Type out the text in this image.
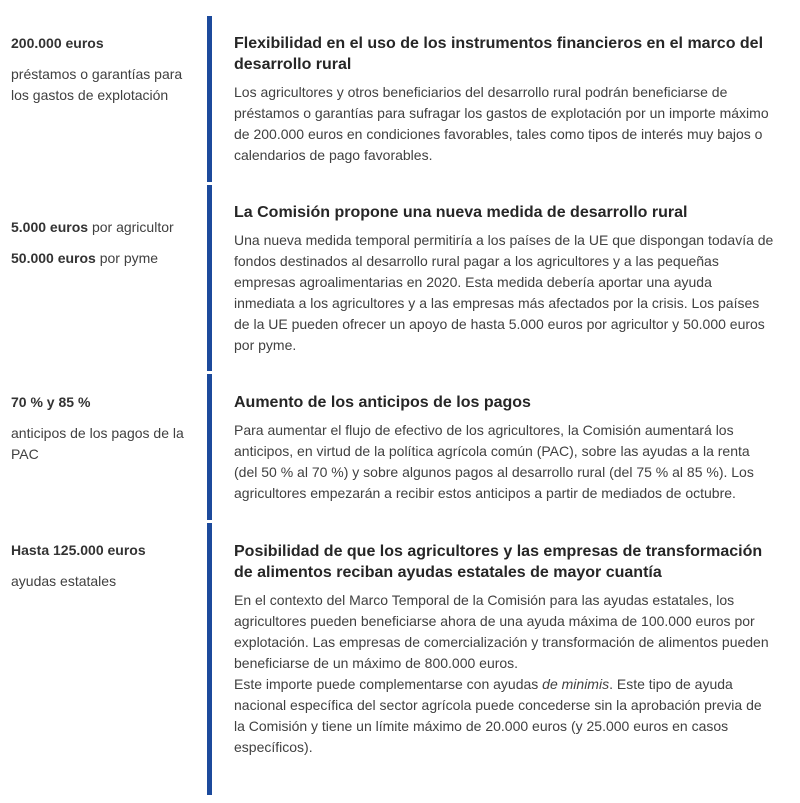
200.000 euros

préstamos o garantías para los gastos de explotación

Flexibilidad en el uso de los instrumentos financieros en el marco del desarrollo rural

Los agricultores y otros beneficiarios del desarrollo rural podrán beneficiarse de préstamos o garantías para sufragar los gastos de explotación por un importe máximo de 200.000 euros en condiciones favorables, tales como tipos de interés muy bajos o calendarios de pago favorables.

5.000 euros por agricultor

50.000 euros por pyme

La Comisión propone una nueva medida de desarrollo rural

Una nueva medida temporal permitiría a los países de la UE que dispongan todavía de fondos destinados al desarrollo rural pagar a los agricultores y a las pequeñas empresas agroalimentarias en 2020. Esta medida debería aportar una ayuda inmediata a los agricultores y a las empresas más afectados por la crisis. Los países de la UE pueden ofrecer un apoyo de hasta 5.000 euros por agricultor y 50.000 euros por pyme.

70 % y 85 %

anticipos de los pagos de la PAC

Aumento de los anticipos de los pagos

Para aumentar el flujo de efectivo de los agricultores, la Comisión aumentará los anticipos, en virtud de la política agrícola común (PAC), sobre las ayudas a la renta (del 50 % al 70 %) y sobre algunos pagos al desarrollo rural (del 75 % al 85 %). Los agricultores empezarán a recibir estos anticipos a partir de mediados de octubre.

Hasta 125.000 euros

ayudas estatales

Posibilidad de que los agricultores y las empresas de transformación de alimentos reciban ayudas estatales de mayor cuantía

En el contexto del Marco Temporal de la Comisión para las ayudas estatales, los agricultores pueden beneficiarse ahora de una ayuda máxima de 100.000 euros por explotación. Las empresas de comercialización y transformación de alimentos pueden beneficiarse de un máximo de 800.000 euros.

Este importe puede complementarse con ayudas de minimis. Este tipo de ayuda nacional específica del sector agrícola puede concederse sin la aprobación previa de la Comisión y tiene un límite máximo de 20.000 euros (y 25.000 euros en casos específicos).
